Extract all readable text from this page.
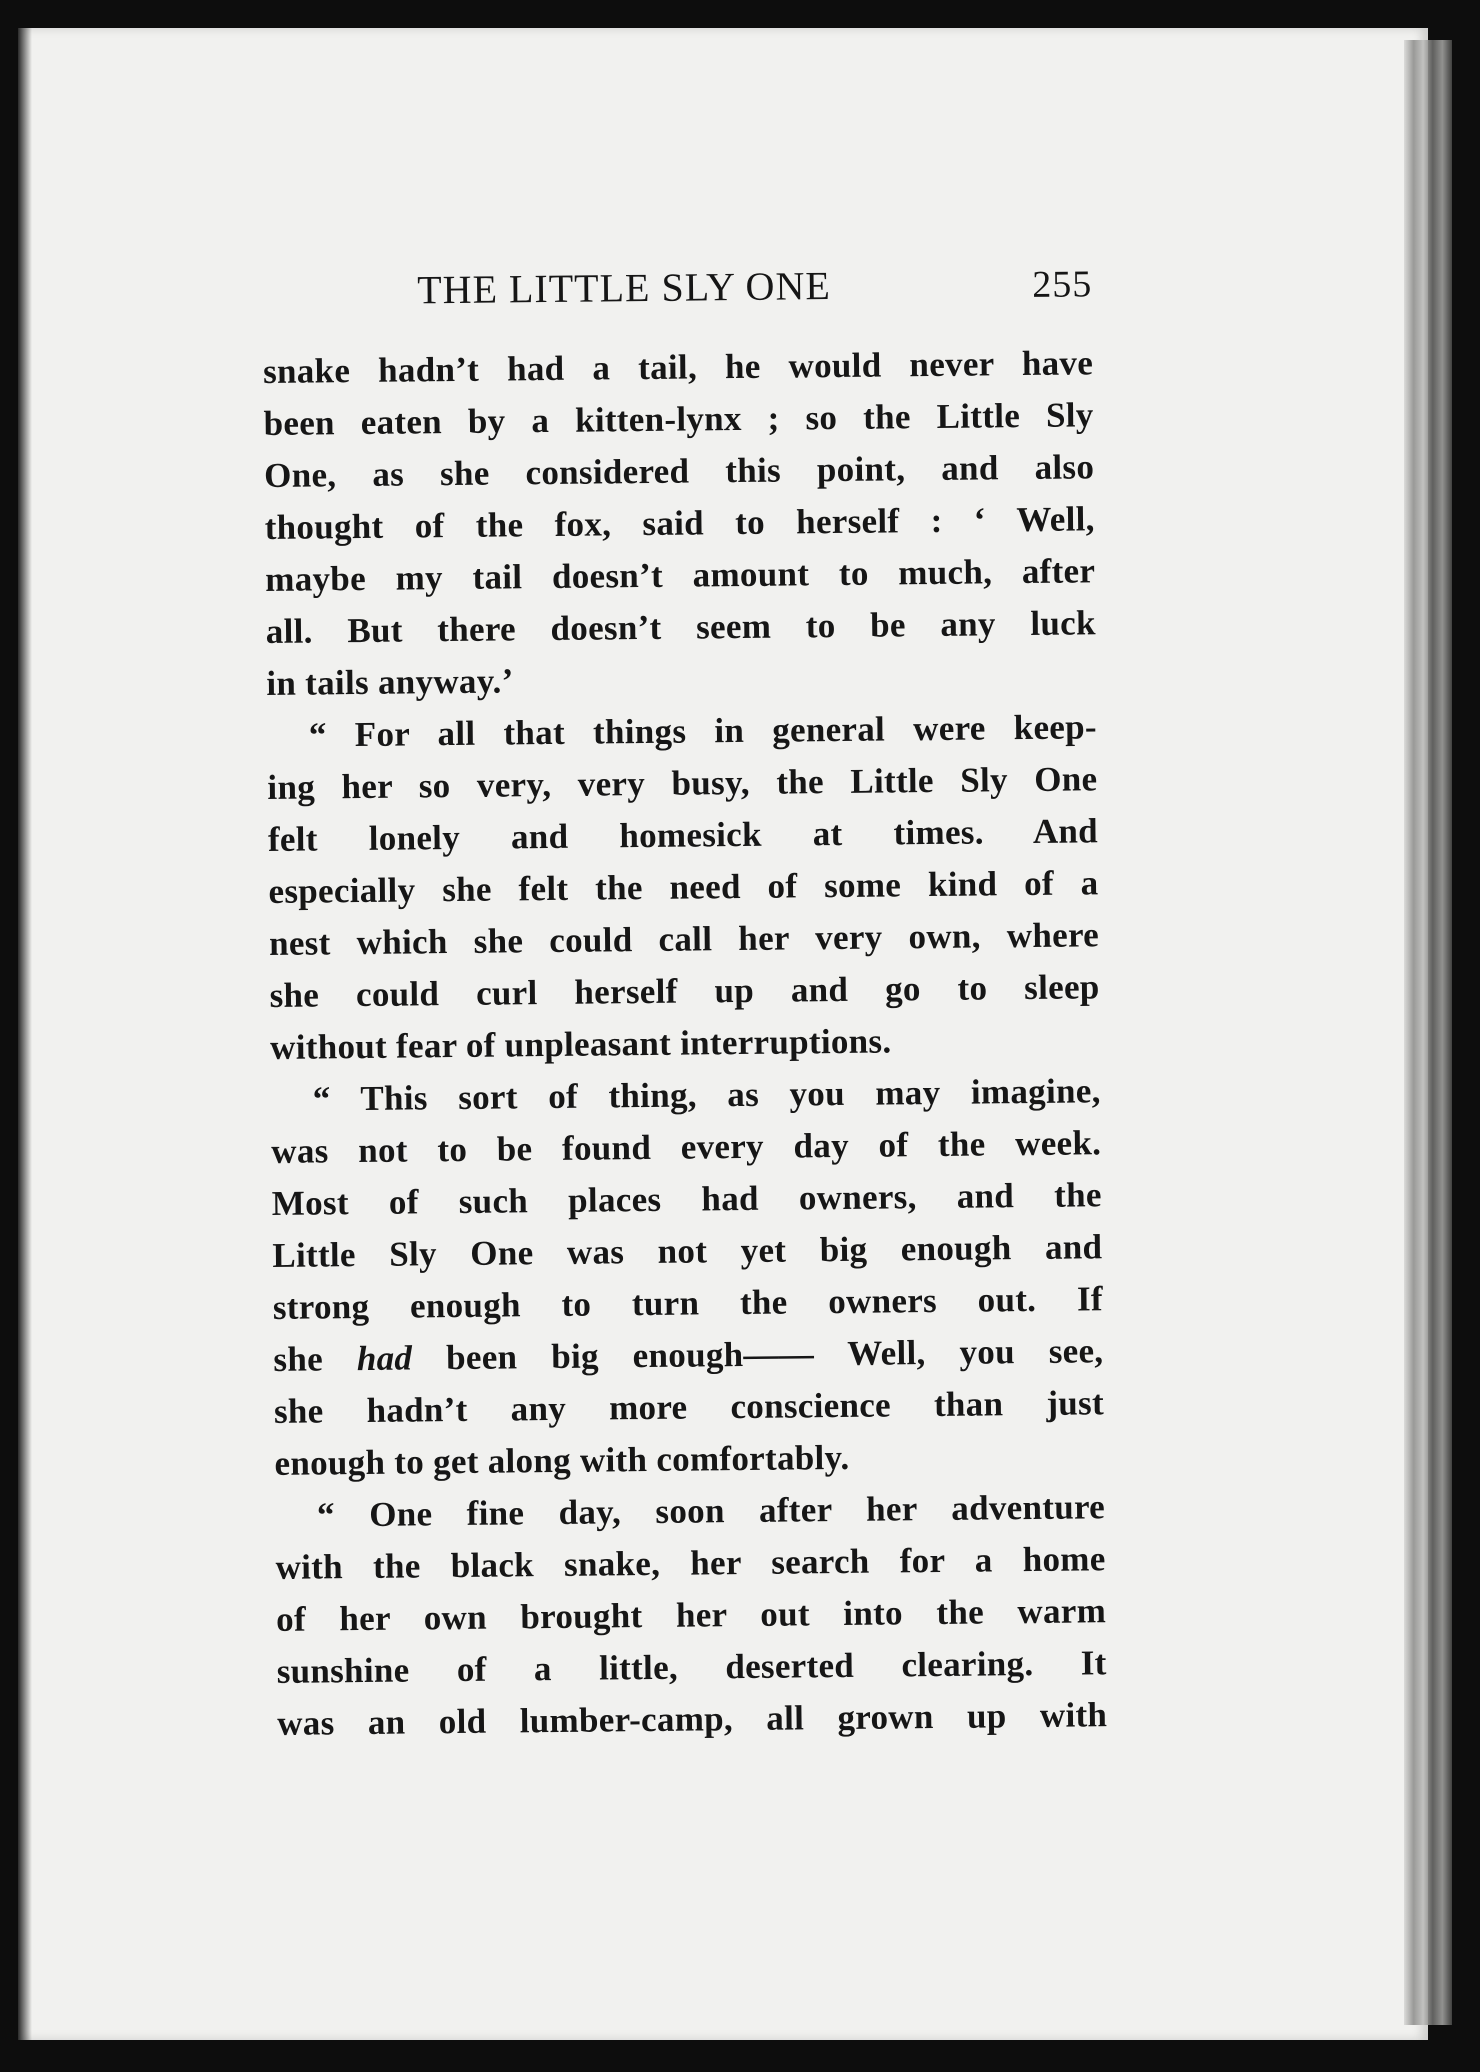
THE LITTLE SLY ONE	255
snake hadn’t had a tail, he would never have
been eaten by a kitten-lynx ; so the Little Sly
One, as she considered this point, and also
thought of the fox, said to herself : ‘ Well,
maybe my tail doesn’t amount to much, after
all. But there doesn’t seem to be any luck
in tails anyway.’
“ For all that things in general were keep-
ing her so very, very busy, the Little Sly One
felt lonely and homesick at times. And
especially she felt the need of some kind of a
nest which she could call her very own, where
she could curl herself up and go to sleep
without fear of unpleasant interruptions.
“ This sort of thing, as you may imagine,
was not to be found every day of the week.
Most of such places had owners, and the
Little Sly One was not yet big enough and
strong enough to turn the owners out. If
she had been big enough—— Well, you see,
she hadn’t any more conscience than just
enough to get along with comfortably.
“ One fine day, soon after her adventure
with the black snake, her search for a home
of her own brought her out into the warm
sunshine of a little, deserted clearing. It
was an old lumber-camp, all grown up with
